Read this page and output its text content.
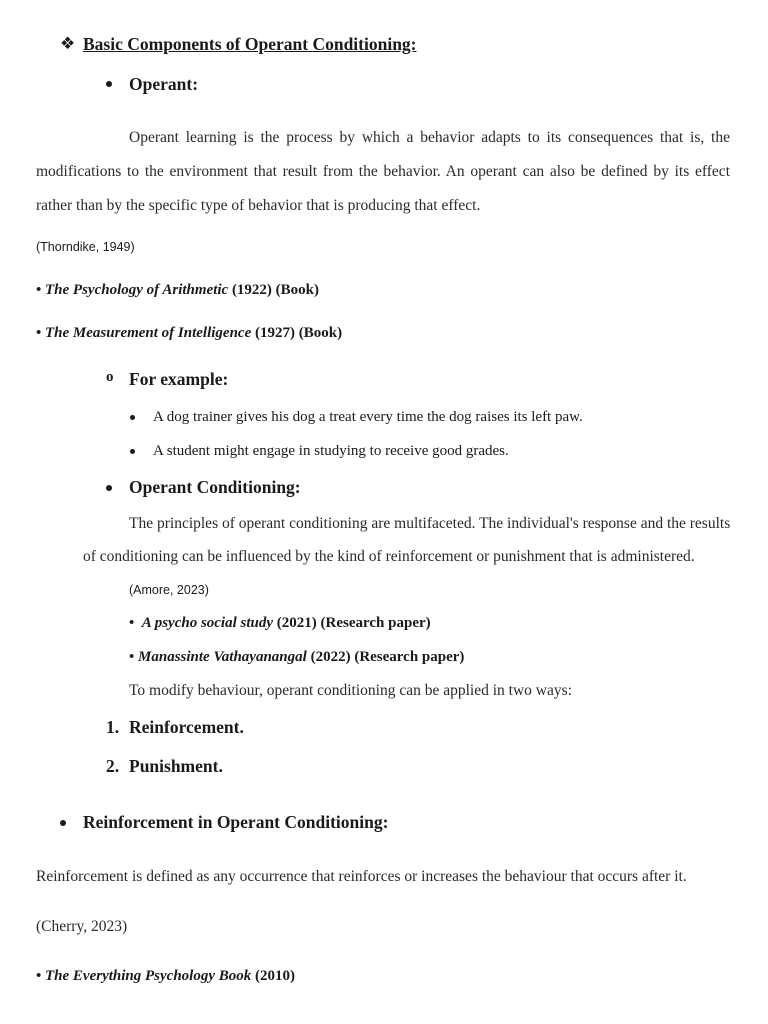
❖ Basic Components of Operant Conditioning:
Operant:
Operant learning is the process by which a behavior adapts to its consequences that is, the modifications to the environment that result from the behavior. An operant can also be defined by its effect rather than by the specific type of behavior that is producing that effect.
(Thorndike, 1949)
• The Psychology of Arithmetic (1922) (Book)
• The Measurement of Intelligence (1927) (Book)
o For example:
A dog trainer gives his dog a treat every time the dog raises its left paw.
A student might engage in studying to receive good grades.
Operant Conditioning:
The principles of operant conditioning are multifaceted. The individual's response and the results
of conditioning can be influenced by the kind of reinforcement or punishment that is administered.
(Amore, 2023)
• A psycho social study (2021) (Research paper)
• Manassinte Vathayanangal (2022) (Research paper)
To modify behaviour, operant conditioning can be applied in two ways:
1. Reinforcement.
2. Punishment.
Reinforcement in Operant Conditioning:
Reinforcement is defined as any occurrence that reinforces or increases the behaviour that occurs after it.
(Cherry, 2023)
• The Everything Psychology Book (2010)
